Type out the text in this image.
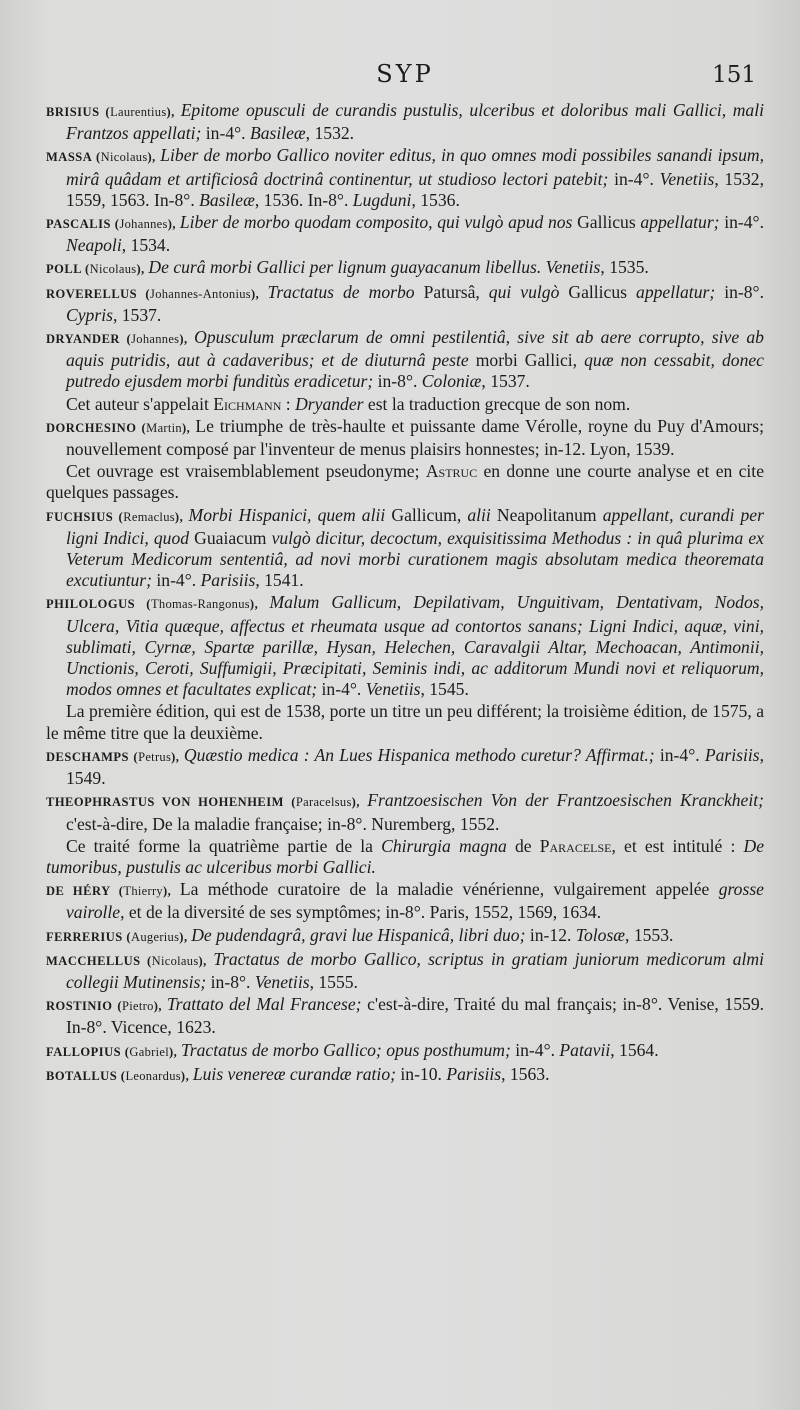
SYP	151

BRISIUS (Laurentius), Epitome opusculi de curandis pustulis, ulceribus et doloribus mali Gallici, mali Frantzos appellati; in-4°. Basileæ, 1532.

MASSA (Nicolaus), Liber de morbo Gallico noviter editus, in quo omnes modi possibiles sanandi ipsum, mirâ quâdam et artificiosâ doctrinâ continentur, ut studioso lectori patebit; in-4°. Venetiis, 1532, 1559, 1563. In-8°. Basileæ, 1536. In-8°. Lugduni, 1536.

PASCALIS (Johannes), Liber de morbo quodam composito, qui vulgò apud nos Gallicus appellatur; in-4°. Neapoli, 1534.

POLL (Nicolaus), De curâ morbi Gallici per lignum guayacanum libellus. Venetiis, 1535.

ROVERELLUS (Johannes-Antonius), Tractatus de morbo Patursâ, qui vulgò Gallicus appellatur; in-8°. Cypris, 1537.

DRYANDER (Johannes), Opusculum præclarum de omni pestilentiâ, sive sit ab aere corrupto, sive ab aquis putridis, aut à cadaveribus; et de diuturnâ peste morbi Gallici, quæ non cessabit, donec putredo ejusdem morbi funditùs eradicetur; in-8°. Coloniæ, 1537.

Cet auteur s'appelait Eichmann : Dryander est la traduction grecque de son nom.

DORCHESINO (Martin), Le triumphe de très-haulte et puissante dame Vérolle, royne du Puy d'Amours; nouvellement composé par l'inventeur de menus plaisirs honnestes; in-12. Lyon, 1539.

Cet ouvrage est vraisemblablement pseudonyme; Astruc en donne une courte analyse et en cite quelques passages.

FUCHSIUS (Remaclus), Morbi Hispanici, quem alii Gallicum, alii Neapolitanum appellant, curandi per ligni Indici, quod Guaiacum vulgò dicitur, decoctum, exquisitissima Methodus : in quâ plurima ex Veterum Medicorum sententiâ, ad novi morbi curationem magis absolutam medica theoremata excutiuntur; in-4°. Parisiis, 1541.

PHILOLOGUS (Thomas-Rangonus), Malum Gallicum, Depilativam, Unguitivam, Dentativam, Nodos, Ulcera, Vitia quæque, affectus et rheumata usque ad contortos sanans; Ligni Indici, aquæ, vini, sublimati, Cyrnæ, Spartæ parillæ, Hysan, Helechen, Caravalgii Altar, Mechoacan, Antimonii, Unctionis, Ceroti, Suffumigii, Præcipitati, Seminis indi, ac additorum Mundi novi et reliquorum, modos omnes et facultates explicat; in-4°. Venetiis, 1545.

La première édition, qui est de 1538, porte un titre un peu différent; la troisième édition, de 1575, a le même titre que la deuxième.

DESCHAMPS (Petrus), Quæstio medica : An Lues Hispanica methodo curetur? Affirmat.; in-4°. Parisiis, 1549.

THEOPHRASTUS VON HOHENHEIM (Paracelsus), Frantzoesischen Von der Frantzoesischen Kranckheit; c'est-à-dire, De la maladie française; in-8°. Nuremberg, 1552.

Ce traité forme la quatrième partie de la Chirurgia magna de Paracelse, et est intitulé : De tumoribus, pustulis ac ulceribus morbi Gallici.

DE HÉRY (Thierry), La méthode curatoire de la maladie vénérienne, vulgairement appelée grosse vairolle, et de la diversité de ses symptômes; in-8°. Paris, 1552, 1569, 1634.

FERRERIUS (Augerius), De pudendagrâ, gravi lue Hispanicâ, libri duo; in-12. Tolosæ, 1553.

MACCHELLUS (Nicolaus), Tractatus de morbo Gallico, scriptus in gratiam juniorum medicorum almi collegii Mutinensis; in-8°. Venetiis, 1555.

ROSTINIO (Pietro), Trattato del Mal Francese; c'est-à-dire, Traité du mal français; in-8°. Venise, 1559. In-8°. Vicence, 1623.

FALLOPIUS (Gabriel), Tractatus de morbo Gallico; opus posthumum; in-4°. Patavii, 1564.

BOTALLUS (Leonardus), Luis venereæ curandæ ratio; in-10. Parisiis, 1563.
